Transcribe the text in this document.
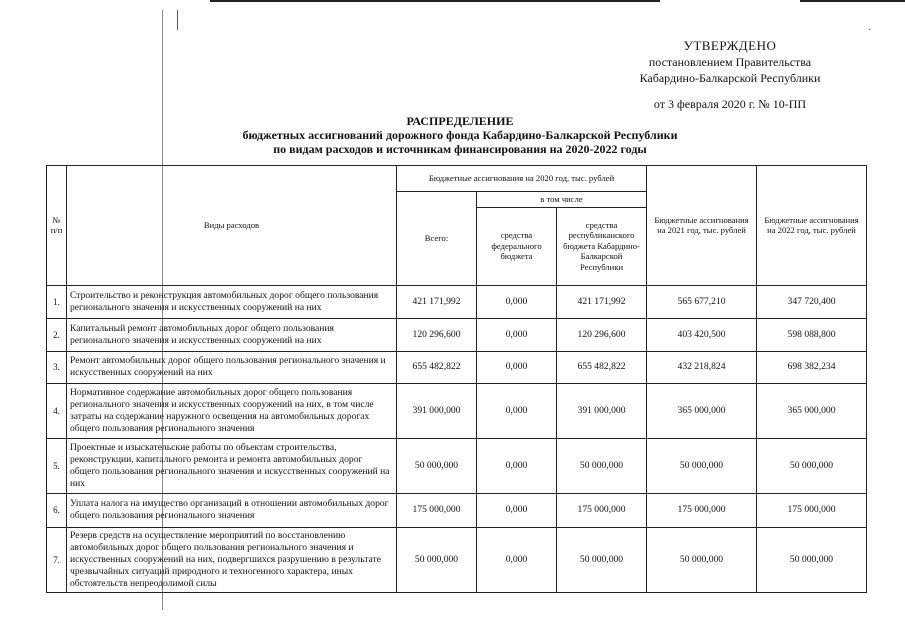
˙
УТВЕРЖДЕНО
постановлением Правительства
Кабардино-Балкарской Республики
от 3 февраля 2020 г. № 10-ПП
РАСПРЕДЕЛЕНИЕ
бюджетных ассигнований дорожного фонда Кабардино-Балкарской Республики
по видам расходов и источникам финансирования на 2020-2022 годы
№ п/п	Виды расходов	Бюджетные ассигнования на 2020 год, тыс. рублей			Бюджетные ассигнования на 2021 год, тыс. рублей	Бюджетные ассигнования на 2022 год, тыс. рублей
		Всего:	в том числе			
			средства федерального бюджета	средства республиканского бюджета Кабардино-Балкарской Республики		
1.	Строительство и реконструкция автомобильных дорог общего пользования регионального значения и искусственных сооружений на них	421 171,992	0,000	421 171,992	565 677,210	347 720,400
2.	Капитальный ремонт автомобильных дорог общего пользования регионального значения и искусственных сооружений на них	120 296,600	0,000	120 296,600	403 420,500	598 088,800
3.	Ремонт автомобильных дорог общего пользования регионального значения и искусственных сооружений на них	655 482,822	0,000	655 482,822	432 218,824	698 382,234
4.	Нормативное содержание автомобильных дорог общего пользования регионального значения и искусственных сооружений на них, в том числе затраты на содержание наружного освещения на автомобильных дорогах общего пользования регионального значения	391 000,000	0,000	391 000,000	365 000,000	365 000,000
5.	Проектные и изыскательские работы по объектам строительства, реконструкции, капитального ремонта и ремонта автомобильных дорог общего пользования регионального значения и искусственных сооружений на них	50 000,000	0,000	50 000,000	50 000,000	50 000,000
6.	Уплата налога на имущество организаций в отношении автомобильных дорог общего пользования регионального значения	175 000,000	0,000	175 000,000	175 000,000	175 000,000
7.	Резерв средств на осуществление мероприятий по восстановлению автомобильных дорог общего пользования регионального значения и искусственных сооружений на них, подвергшихся разрушению в результате чрезвычайных ситуаций природного и техногенного характера, иных обстоятельств непреодолимой силы	50 000,000	0,000	50 000,000	50 000,000	50 000,000
